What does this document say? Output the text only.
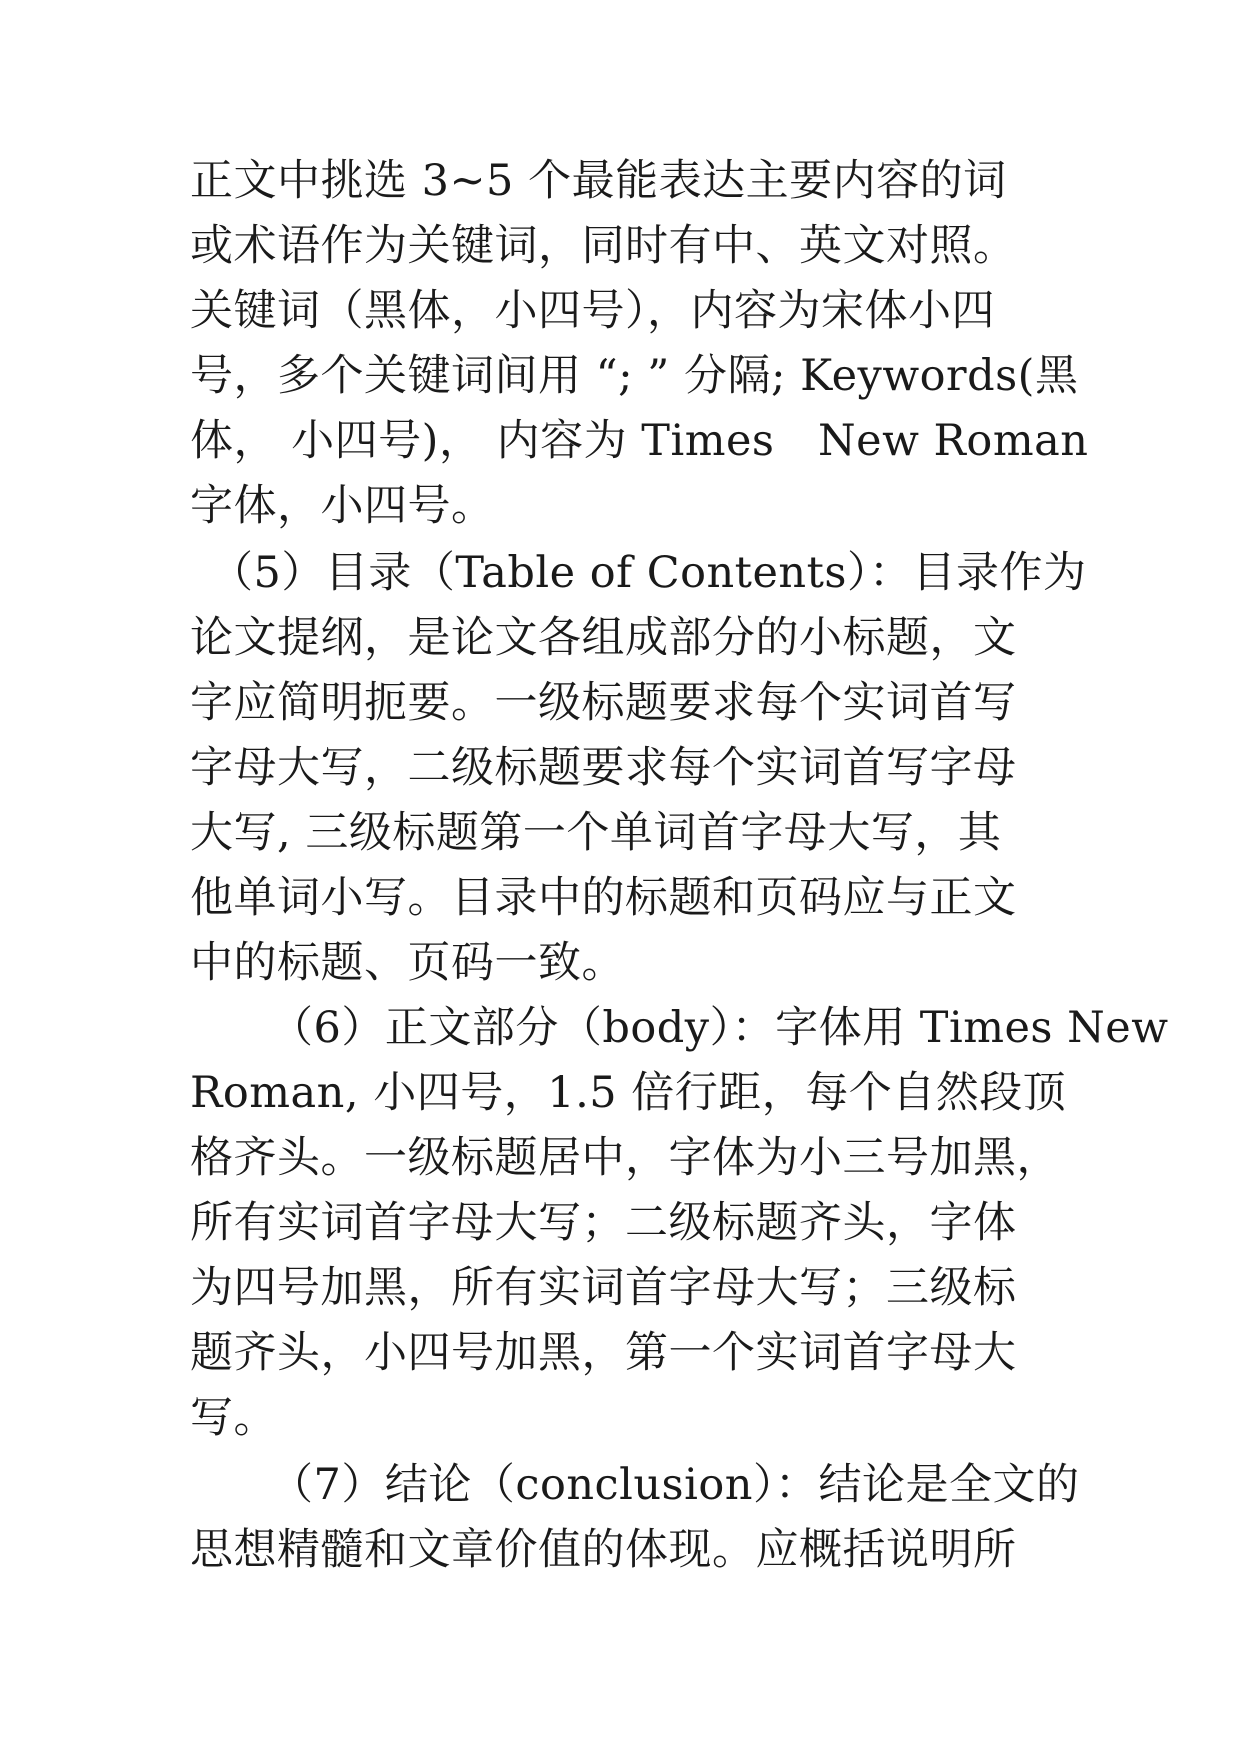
正文中挑选 3~5 个最能表达主要内容的词

或术语作为关键词，同时有中、英文对照。

关键词（黑体，小四号），内容为宋体小四

号，多个关键词间用 “; ” 分隔; Keywords(黑

体， 小四号)， 内容为 Times　New Roman

字体，小四号。

（5）目录（Table of Contents）：目录作为

论文提纲，是论文各组成部分的小标题，文

字应简明扼要。一级标题要求每个实词首写

字母大写，二级标题要求每个实词首写字母

大写, 三级标题第一个单词首字母大写，其

他单词小写。目录中的标题和页码应与正文

中的标题、页码一致。

（6）正文部分（body）：字体用 Times New

Roman, 小四号，1.5 倍行距，每个自然段顶

格齐头。一级标题居中，字体为小三号加黑，

所有实词首字母大写；二级标题齐头，字体

为四号加黑，所有实词首字母大写；三级标

题齐头，小四号加黑，第一个实词首字母大

写。

（7）结论（conclusion）：结论是全文的

思想精髓和文章价值的体现。应概括说明所
